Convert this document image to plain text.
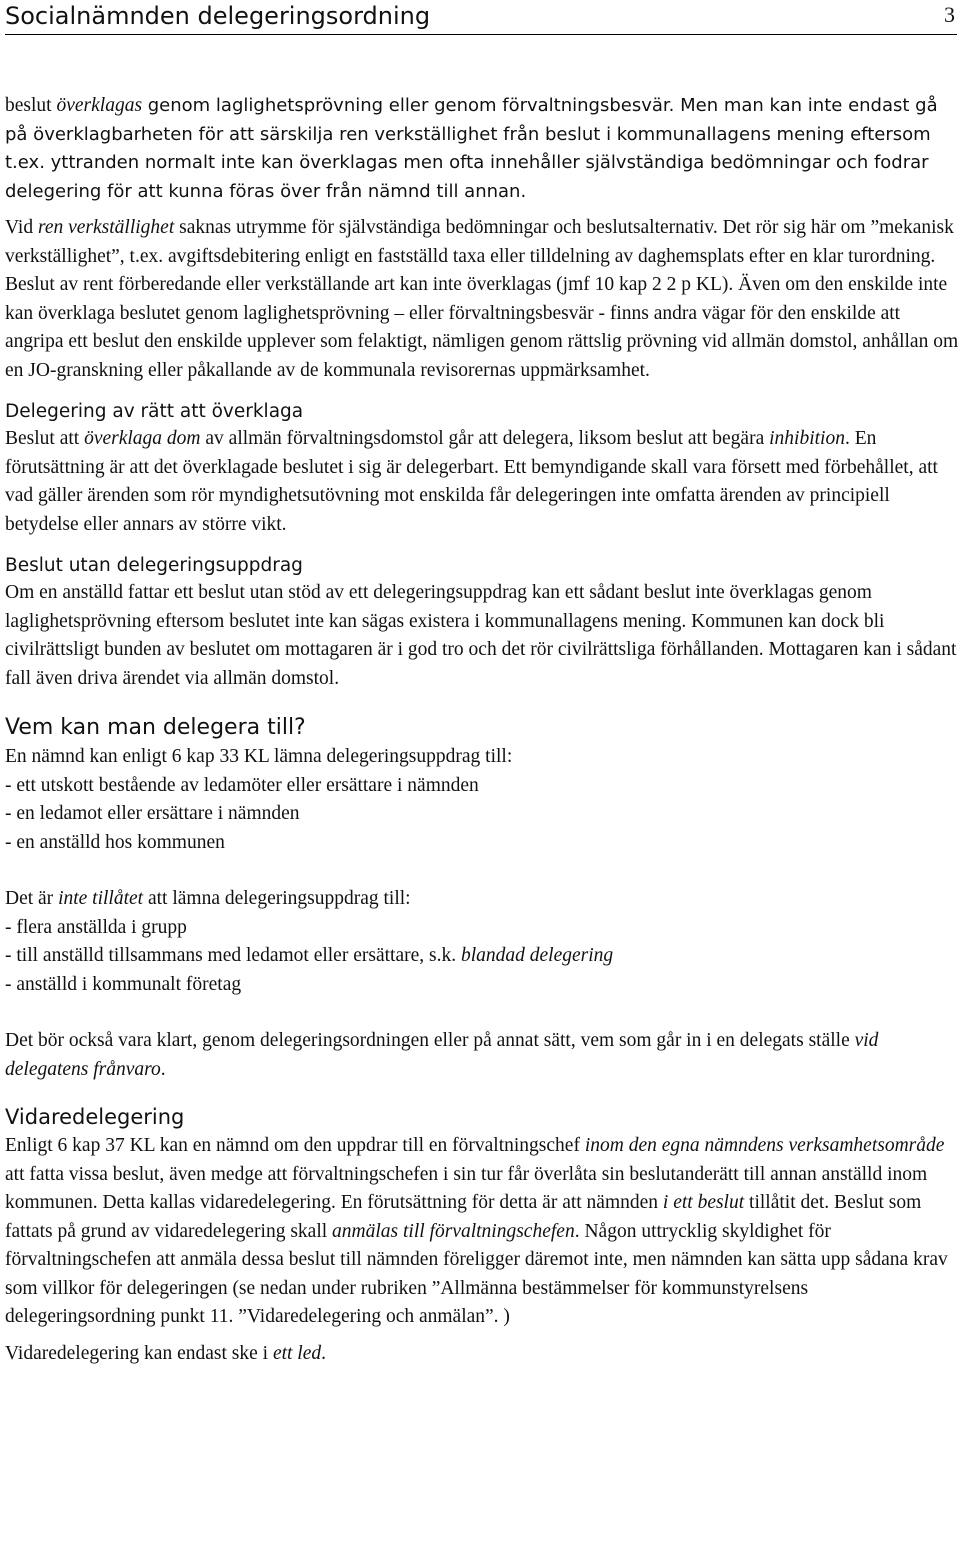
Socialnämnden delegeringsordning	3

beslut överklagas genom laglighetsprövning eller genom förvaltningsbesvär. Men man kan inte endast gå på överklagbarheten för att särskilja ren verkställighet från beslut i kommunallagens mening eftersom t.ex. yttranden normalt inte kan överklagas men ofta innehåller självständiga bedömningar och fodrar delegering för att kunna föras över från nämnd till annan.

Vid ren verkställighet saknas utrymme för självständiga bedömningar och beslutsalternativ. Det rör sig här om ”mekanisk verkställighet”, t.ex. avgiftsdebitering enligt en fastställd taxa eller tilldelning av daghemsplats efter en klar turordning. Beslut av rent förberedande eller verkställande art kan inte överklagas (jmf 10 kap 2 2 p KL). Även om den enskilde inte kan överklaga beslutet genom laglighetsprövning – eller förvaltningsbesvär - finns andra vägar för den enskilde att angripa ett beslut den enskilde upplever som felaktigt, nämligen genom rättslig prövning vid allmän domstol, anhållan om en JO-granskning eller påkallande av de kommunala revisorernas uppmärksamhet.

Delegering av rätt att överklaga

Beslut att överklaga dom av allmän förvaltningsdomstol går att delegera, liksom beslut att begära inhibition. En förutsättning är att det överklagade beslutet i sig är delegerbart. Ett bemyndigande skall vara försett med förbehållet, att vad gäller ärenden som rör myndighetsutövning mot enskilda får delegeringen inte omfatta ärenden av principiell betydelse eller annars av större vikt.

Beslut utan delegeringsuppdrag

Om en anställd fattar ett beslut utan stöd av ett delegeringsuppdrag kan ett sådant beslut inte överklagas genom laglighetsprövning eftersom beslutet inte kan sägas existera i kommunallagens mening. Kommunen kan dock bli civilrättsligt bunden av beslutet om mottagaren är i god tro och det rör civilrättsliga förhållanden. Mottagaren kan i sådant fall även driva ärendet via allmän domstol.

Vem kan man delegera till?

En nämnd kan enligt 6 kap 33 KL lämna delegeringsuppdrag till:

- ett utskott bestående av ledamöter eller ersättare i nämnden

- en ledamot eller ersättare i nämnden

- en anställd hos kommunen

Det är inte tillåtet att lämna delegeringsuppdrag till:

- flera anställda i grupp

- till anställd tillsammans med ledamot eller ersättare, s.k. blandad delegering

- anställd i kommunalt företag

Det bör också vara klart, genom delegeringsordningen eller på annat sätt, vem som går in i en delegats ställe vid delegatens frånvaro.

Vidaredelegering

Enligt 6 kap 37 KL kan en nämnd om den uppdrar till en förvaltningschef inom den egna nämndens verksamhetsområde att fatta vissa beslut, även medge att förvaltningschefen i sin tur får överlåta sin beslutanderätt till annan anställd inom kommunen. Detta kallas vidaredelegering. En förutsättning för detta är att nämnden i ett beslut tillåtit det. Beslut som fattats på grund av vidaredelegering skall anmälas till förvaltningschefen. Någon uttrycklig skyldighet för förvaltningschefen att anmäla dessa beslut till nämnden föreligger däremot inte, men nämnden kan sätta upp sådana krav som villkor för delegeringen (se nedan under rubriken ”Allmänna bestämmelser för kommunstyrelsens delegeringsordning punkt 11. ”Vidaredelegering och anmälan”. )

Vidaredelegering kan endast ske i ett led.
